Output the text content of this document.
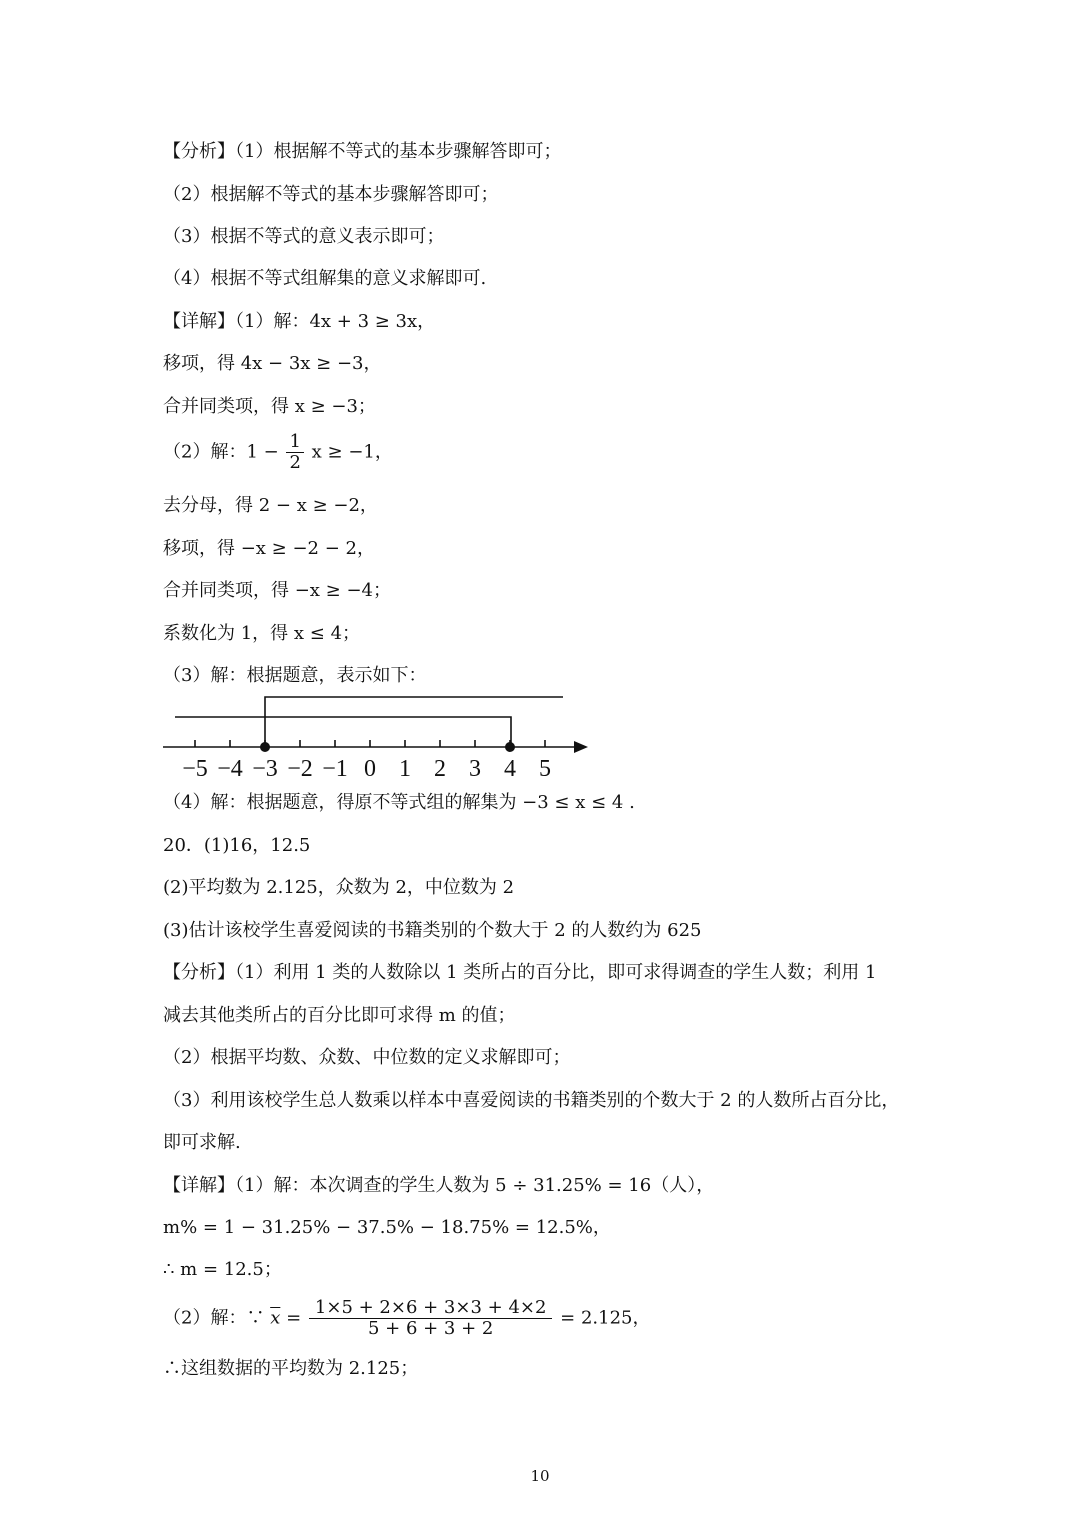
【分析】（1）根据解不等式的基本步骤解答即可；
（2）根据解不等式的基本步骤解答即可；
（3）根据不等式的意义表示即可；
（4）根据不等式组解集的意义求解即可.
【详解】（1）解：4x + 3 ≥ 3x，
移项，得 4x − 3x ≥ −3，
合并同类项，得 x ≥ −3；
（2）解：$1 - \frac{1}{2}$ x ≥ −1，
去分母，得 2 − x ≥ −2，
移项，得 −x ≥ −2 − 2，
合并同类项，得 −x ≥ −4；
系数化为 1，得 x ≤ 4；
（3）解：根据题意，表示如下：
−5 −4 −3 −2 −1 0 1 2 3 4 5
（4）解：根据题意，得原不等式组的解集为 −3 ≤ x ≤ 4 .
20．(1)16，12.5
(2)平均数为 2.125，众数为 2，中位数为 2
(3)估计该校学生喜爱阅读的书籍类别的个数大于 2 的人数约为 625
【分析】（1）利用 1 类的人数除以 1 类所占的百分比，即可求得调查的学生人数；利用 1
减去其他类所占的百分比即可求得 m 的值；
（2）根据平均数、众数、中位数的定义求解即可；
（3）利用该校学生总人数乘以样本中喜爱阅读的书籍类别的个数大于 2 的人数所占百分比，
即可求解.
【详解】（1）解：本次调查的学生人数为 5 ÷ 31.25% = 16（人），
m% = 1 − 31.25% − 37.5% − 18.75% = 12.5%，
∴ m = 12.5；
（2）解：∵ $\overline{x} = \frac{1\times 5 + 2\times 6 + 3\times 3 + 4\times 2}{5 + 6 + 3 + 2} = 2.125$，
∴这组数据的平均数为 2.125；
10
